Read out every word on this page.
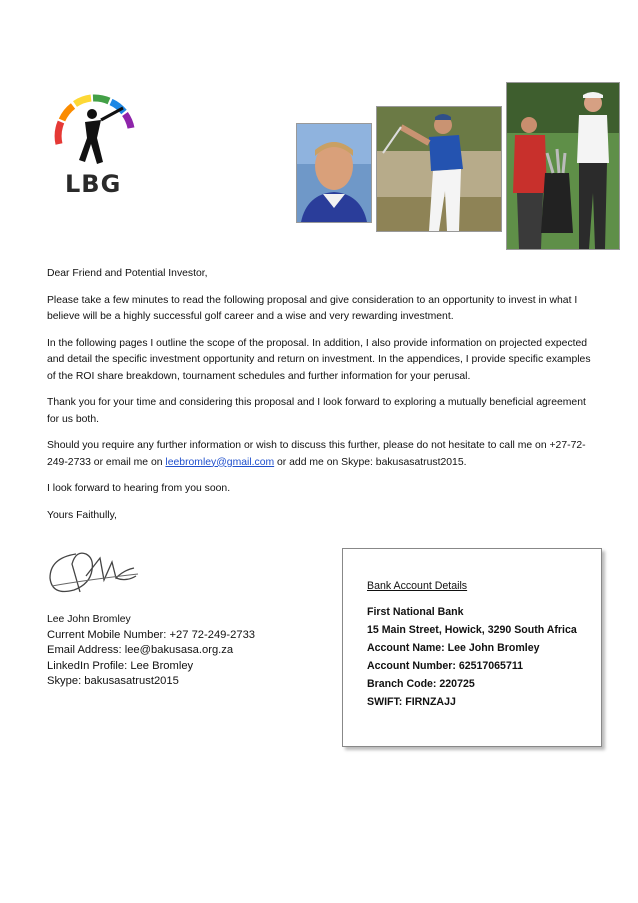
LBG

Dear Friend and Potential Investor,

Please take a few minutes to read the following proposal and give consideration to an opportunity to invest in what I believe will be a highly successful golf career and a wise and very rewarding investment.

In the following pages I outline the scope of the proposal. In addition, I also provide information on projected expected and detail the specific investment opportunity and return on investment. In the appendices, I provide specific examples of the ROI share breakdown, tournament schedules and further information for your perusal.

Thank you for your time and considering this proposal and I look forward to exploring a mutually beneficial agreement for us both.

Should you require any further information or wish to discuss this further, please do not hesitate to call me on +27-72-249-2733 or email me on leebromley@gmail.com or add me on Skype: bakusasatrust2015.

I look forward to hearing from you soon.

Yours Faithully,

Lee John Bromley
Current Mobile Number: +27 72-249-2733
Email Address: lee@bakusasa.org.za
LinkedIn Profile: Lee Bromley
Skype: bakusasatrust2015
Bank Account Details
First National Bank
15 Main Street, Howick, 3290 South Africa
Account Name: Lee John Bromley
Account Number: 62517065711
Branch Code: 220725
SWIFT: FIRNZAJJ
